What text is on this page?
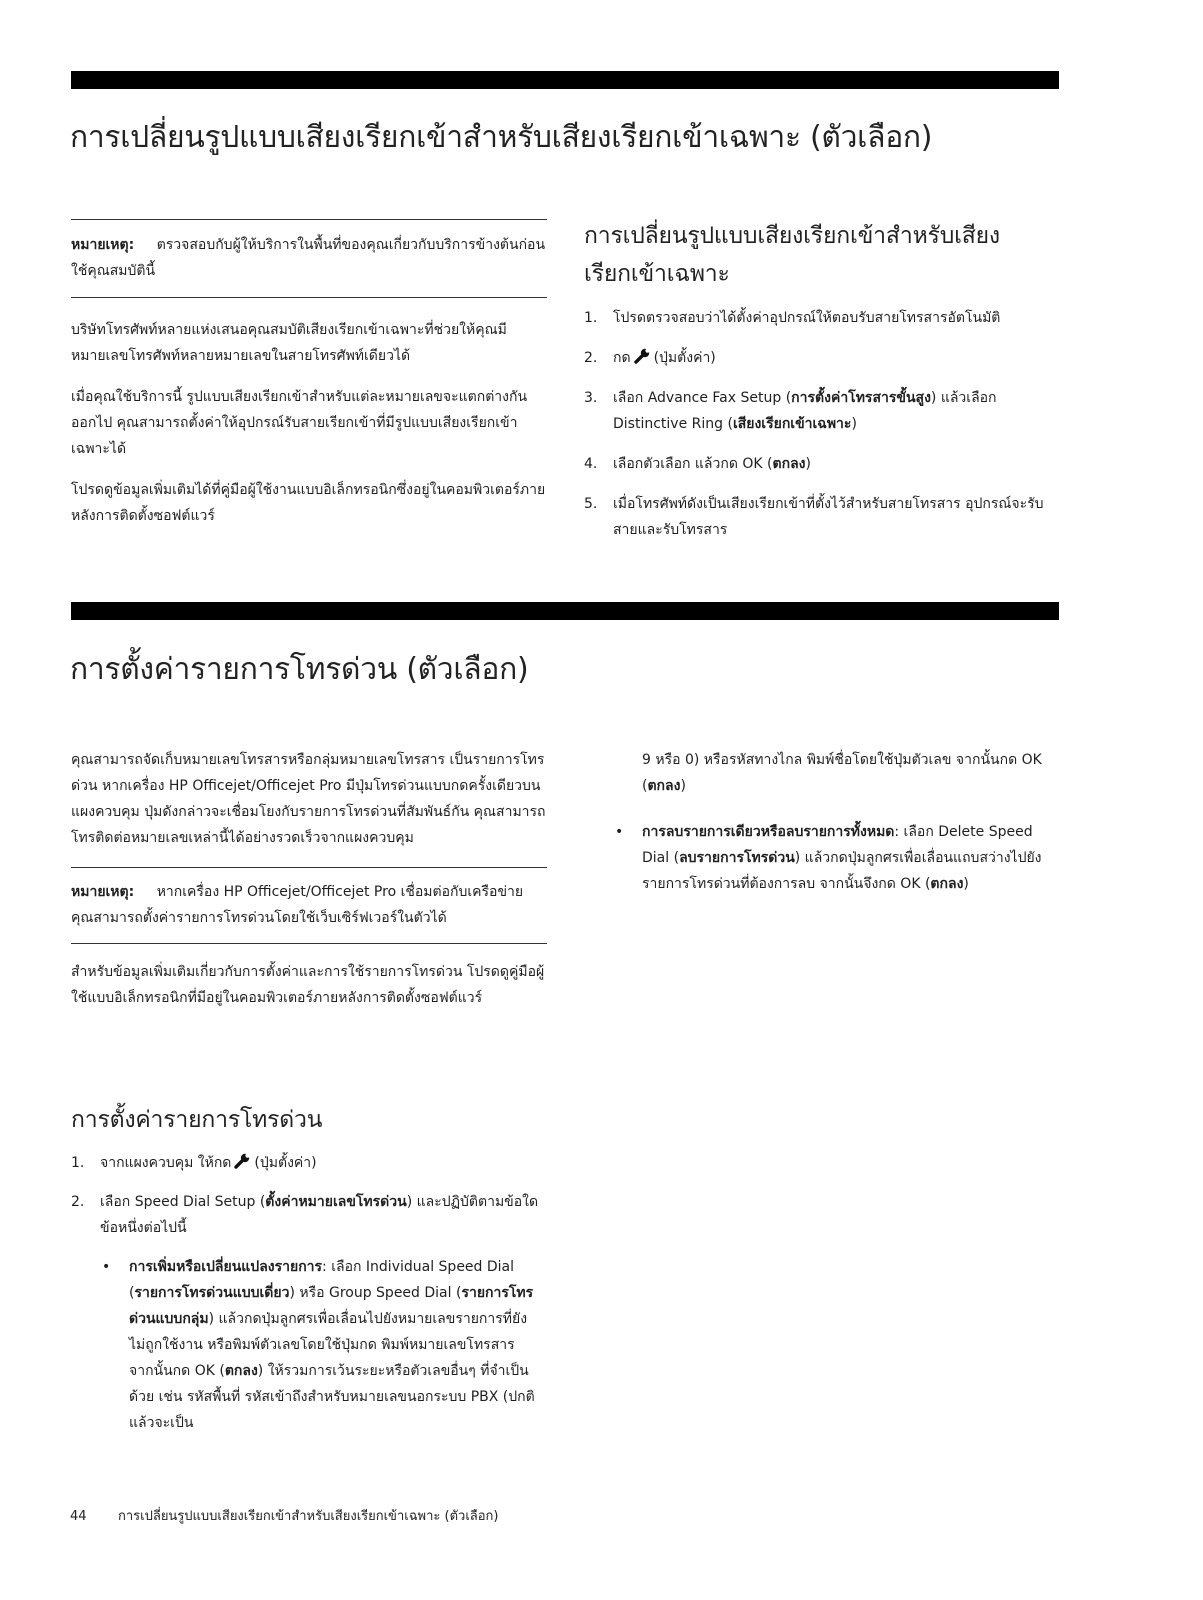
การเปลี่ยนรูปแบบเสียงเรียกเข้าสำหรับเสียงเรียกเข้าเฉพาะ (ตัวเลือก)

หมายเหตุ: ตรวจสอบกับผู้ให้บริการในพื้นที่ของคุณเกี่ยวกับบริการข้างต้นก่อนใช้คุณสมบัตินี้

บริษัทโทรศัพท์หลายแห่งเสนอคุณสมบัติเสียงเรียกเข้าเฉพาะที่ช่วยให้คุณมีหมายเลขโทรศัพท์หลายหมายเลขในสายโทรศัพท์เดียวได้

เมื่อคุณใช้บริการนี้ รูปแบบเสียงเรียกเข้าสำหรับแต่ละหมายเลขจะแตกต่างกันออกไป คุณสามารถตั้งค่าให้อุปกรณ์รับสายเรียกเข้าที่มีรูปแบบเสียงเรียกเข้าเฉพาะได้

โปรดดูข้อมูลเพิ่มเติมได้ที่คู่มือผู้ใช้งานแบบอิเล็กทรอนิกซึ่งอยู่ในคอมพิวเตอร์ภายหลังการติดตั้งซอฟต์แวร์

การเปลี่ยนรูปแบบเสียงเรียกเข้าสำหรับเสียงเรียกเข้าเฉพาะ
1. โปรดตรวจสอบว่าได้ตั้งค่าอุปกรณ์ให้ตอบรับสายโทรสารอัตโนมัติ
2. กด (ปุ่มตั้งค่า)
3. เลือก Advance Fax Setup (การตั้งค่าโทรสารขั้นสูง) แล้วเลือก Distinctive Ring (เสียงเรียกเข้าเฉพาะ)
4. เลือกตัวเลือก แล้วกด OK (ตกลง)
5. เมื่อโทรศัพท์ดังเป็นเสียงเรียกเข้าที่ตั้งไว้สำหรับสายโทรสาร อุปกรณ์จะรับสายและรับโทรสาร
การตั้งค่ารายการโทรด่วน (ตัวเลือก)

คุณสามารถจัดเก็บหมายเลขโทรสารหรือกลุ่มหมายเลขโทรสาร เป็นรายการโทรด่วน หากเครื่อง HP Officejet/Officejet Pro มีปุ่มโทรด่วนแบบกดครั้งเดียวบนแผงควบคุม ปุ่มดังกล่าวจะเชื่อมโยงกับรายการโทรด่วนที่สัมพันธ์กัน คุณสามารถโทรติดต่อหมายเลขเหล่านี้ได้อย่างรวดเร็วจากแผงควบคุม

หมายเหตุ: หากเครื่อง HP Officejet/Officejet Pro เชื่อมต่อกับเครือข่าย คุณสามารถตั้งค่ารายการโทรด่วนโดยใช้เว็บเซิร์ฟเวอร์ในตัวได้

สำหรับข้อมูลเพิ่มเติมเกี่ยวกับการตั้งค่าและการใช้รายการโทรด่วน โปรดดูคู่มือผู้ใช้แบบอิเล็กทรอนิกที่มีอยู่ในคอมพิวเตอร์ภายหลังการติดตั้งซอฟต์แวร์

การตั้งค่ารายการโทรด่วน
1. จากแผงควบคุม ให้กด (ปุ่มตั้งค่า)
2. เลือก Speed Dial Setup (ตั้งค่าหมายเลขโทรด่วน) และปฏิบัติตามข้อใดข้อหนึ่งต่อไปนี้
• การเพิ่มหรือเปลี่ยนแปลงรายการ: เลือก Individual Speed Dial (รายการโทรด่วนแบบเดี่ยว) หรือ Group Speed Dial (รายการโทรด่วนแบบกลุ่ม) แล้วกดปุ่มลูกศรเพื่อเลื่อนไปยังหมายเลขรายการที่ยังไม่ถูกใช้งาน หรือพิมพ์ตัวเลขโดยใช้ปุ่มกด พิมพ์หมายเลขโทรสาร จากนั้นกด OK (ตกลง) ให้รวมการเว้นระยะหรือตัวเลขอื่นๆ ที่จำเป็นด้วย เช่น รหัสพื้นที่ รหัสเข้าถึงสำหรับหมายเลขนอกระบบ PBX (ปกติแล้วจะเป็น

9 หรือ 0) หรือรหัสทางไกล พิมพ์ชื่อโดยใช้ปุ่มตัวเลข จากนั้นกด OK (ตกลง)

• การลบรายการเดียวหรือลบรายการทั้งหมด: เลือก Delete Speed Dial (ลบรายการโทรด่วน) แล้วกดปุ่มลูกศรเพื่อเลื่อนแถบสว่างไปยังรายการโทรด่วนที่ต้องการลบ จากนั้นจึงกด OK (ตกลง)
44 การเปลี่ยนรูปแบบเสียงเรียกเข้าสำหรับเสียงเรียกเข้าเฉพาะ (ตัวเลือก)
